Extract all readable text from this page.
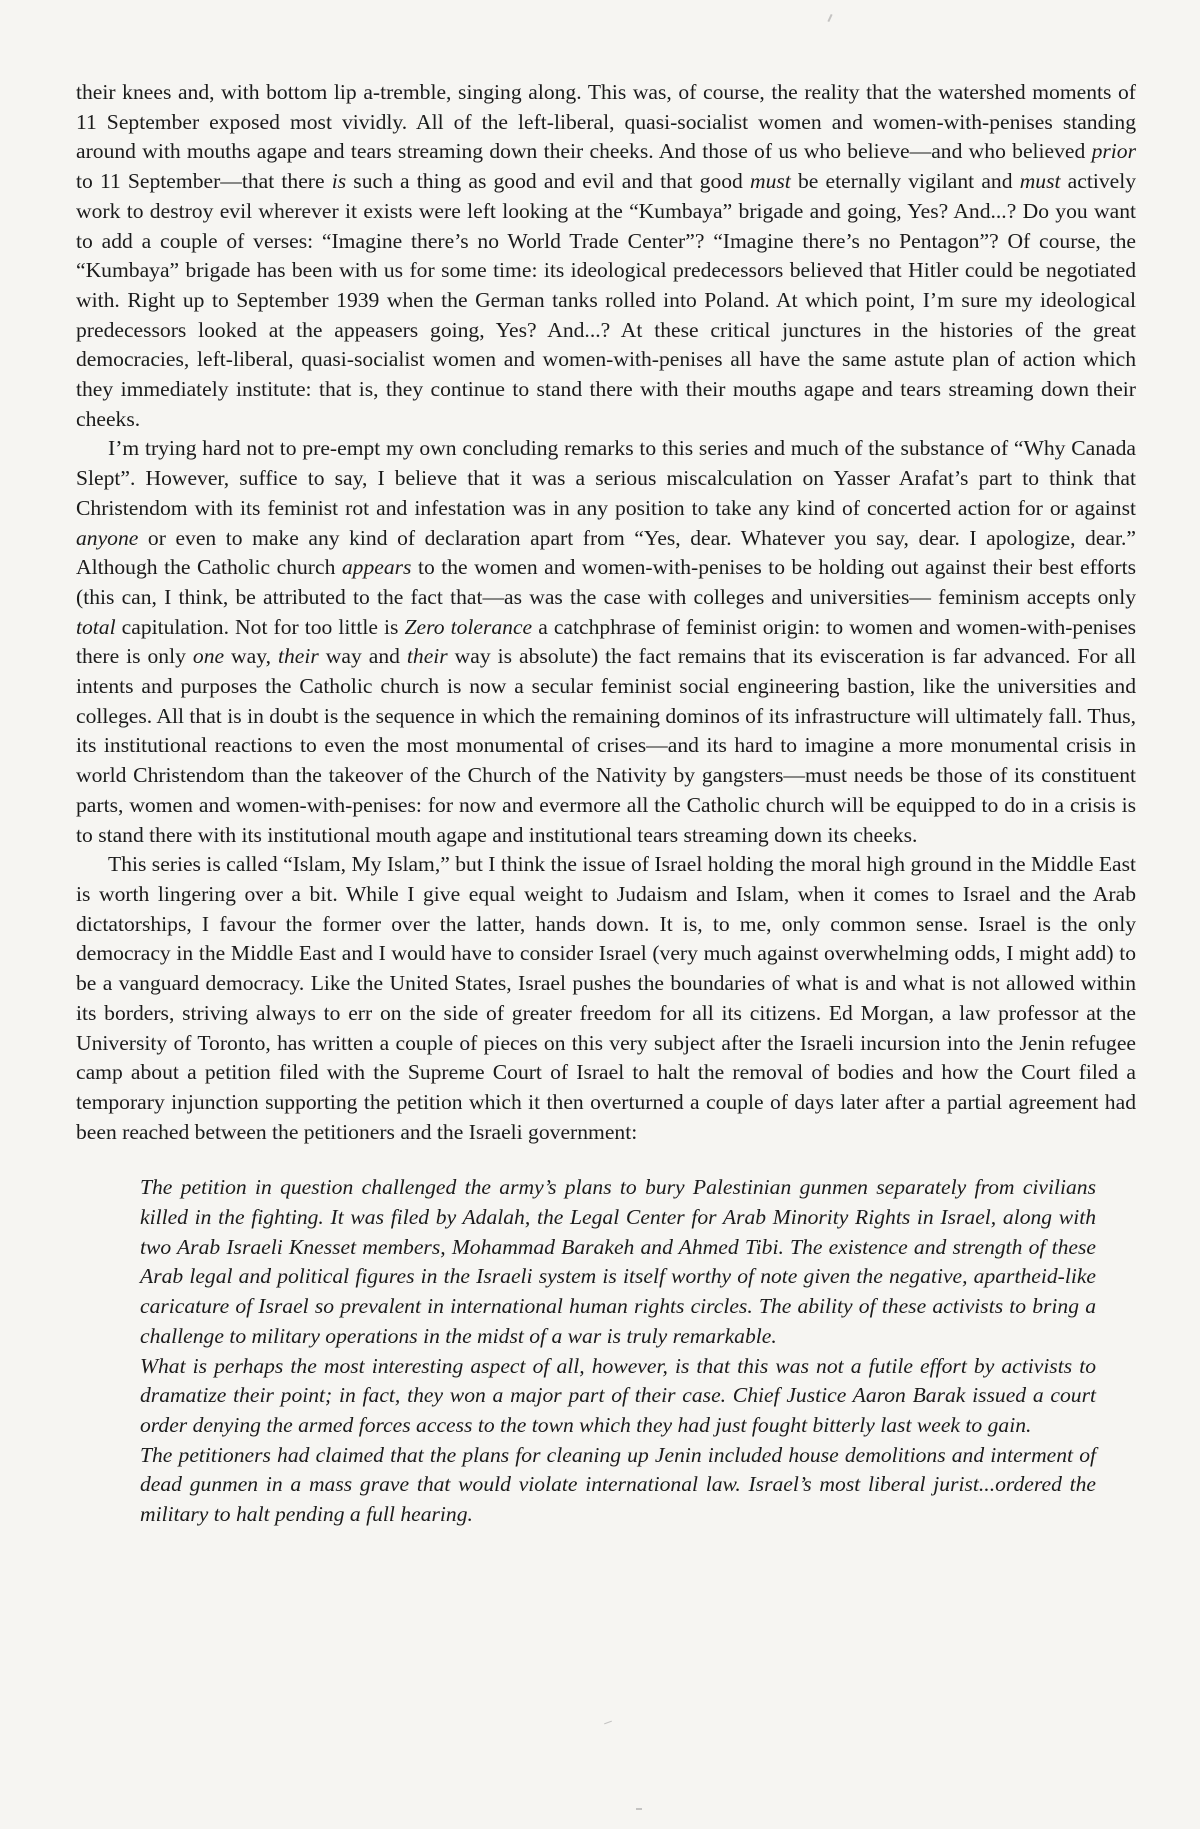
their knees and, with bottom lip a-tremble, singing along. This was, of course, the reality that the watershed moments of 11 September exposed most vividly. All of the left-liberal, quasi-socialist women and women-with-penises standing around with mouths agape and tears streaming down their cheeks. And those of us who believe—and who believed prior to 11 September—that there is such a thing as good and evil and that good must be eternally vigilant and must actively work to destroy evil wherever it exists were left looking at the “Kumbaya” brigade and going, Yes? And...? Do you want to add a couple of verses: “Imagine there’s no World Trade Center”? “Imagine there’s no Pentagon”? Of course, the “Kumbaya” brigade has been with us for some time: its ideological predecessors believed that Hitler could be negotiated with. Right up to September 1939 when the German tanks rolled into Poland. At which point, I’m sure my ideological predecessors looked at the appeasers going, Yes? And...? At these critical junctures in the histories of the great democracies, left-liberal, quasi-socialist women and women-with-penises all have the same astute plan of action which they immediately institute: that is, they continue to stand there with their mouths agape and tears streaming down their cheeks.

I’m trying hard not to pre-empt my own concluding remarks to this series and much of the substance of “Why Canada Slept”. However, suffice to say, I believe that it was a serious miscalculation on Yasser Arafat’s part to think that Christendom with its feminist rot and infestation was in any position to take any kind of concerted action for or against anyone or even to make any kind of declaration apart from “Yes, dear. Whatever you say, dear. I apologize, dear.” Although the Catholic church appears to the women and women-with-penises to be holding out against their best efforts (this can, I think, be attributed to the fact that—as was the case with colleges and universities— feminism accepts only total capitulation. Not for too little is Zero tolerance a catchphrase of feminist origin: to women and women-with-penises there is only one way, their way and their way is absolute) the fact remains that its evisceration is far advanced. For all intents and purposes the Catholic church is now a secular feminist social engineering bastion, like the universities and colleges. All that is in doubt is the sequence in which the remaining dominos of its infrastructure will ultimately fall. Thus, its institutional reactions to even the most monumental of crises—and its hard to imagine a more monumental crisis in world Christendom than the takeover of the Church of the Nativity by gangsters—must needs be those of its constituent parts, women and women-with-penises: for now and evermore all the Catholic church will be equipped to do in a crisis is to stand there with its institutional mouth agape and institutional tears streaming down its cheeks.

This series is called “Islam, My Islam,” but I think the issue of Israel holding the moral high ground in the Middle East is worth lingering over a bit. While I give equal weight to Judaism and Islam, when it comes to Israel and the Arab dictatorships, I favour the former over the latter, hands down. It is, to me, only common sense. Israel is the only democracy in the Middle East and I would have to consider Israel (very much against overwhelming odds, I might add) to be a vanguard democracy. Like the United States, Israel pushes the boundaries of what is and what is not allowed within its borders, striving always to err on the side of greater freedom for all its citizens. Ed Morgan, a law professor at the University of Toronto, has written a couple of pieces on this very subject after the Israeli incursion into the Jenin refugee camp about a petition filed with the Supreme Court of Israel to halt the removal of bodies and how the Court filed a temporary injunction supporting the petition which it then overturned a couple of days later after a partial agreement had been reached between the petitioners and the Israeli government:

The petition in question challenged the army’s plans to bury Palestinian gunmen separately from civilians killed in the fighting. It was filed by Adalah, the Legal Center for Arab Minority Rights in Israel, along with two Arab Israeli Knesset members, Mohammad Barakeh and Ahmed Tibi. The existence and strength of these Arab legal and political figures in the Israeli system is itself worthy of note given the negative, apartheid-like caricature of Israel so prevalent in international human rights circles. The ability of these activists to bring a challenge to military operations in the midst of a war is truly remarkable.

What is perhaps the most interesting aspect of all, however, is that this was not a futile effort by activists to dramatize their point; in fact, they won a major part of their case. Chief Justice Aaron Barak issued a court order denying the armed forces access to the town which they had just fought bitterly last week to gain.

The petitioners had claimed that the plans for cleaning up Jenin included house demolitions and interment of dead gunmen in a mass grave that would violate international law. Israel’s most liberal jurist...ordered the military to halt pending a full hearing.
